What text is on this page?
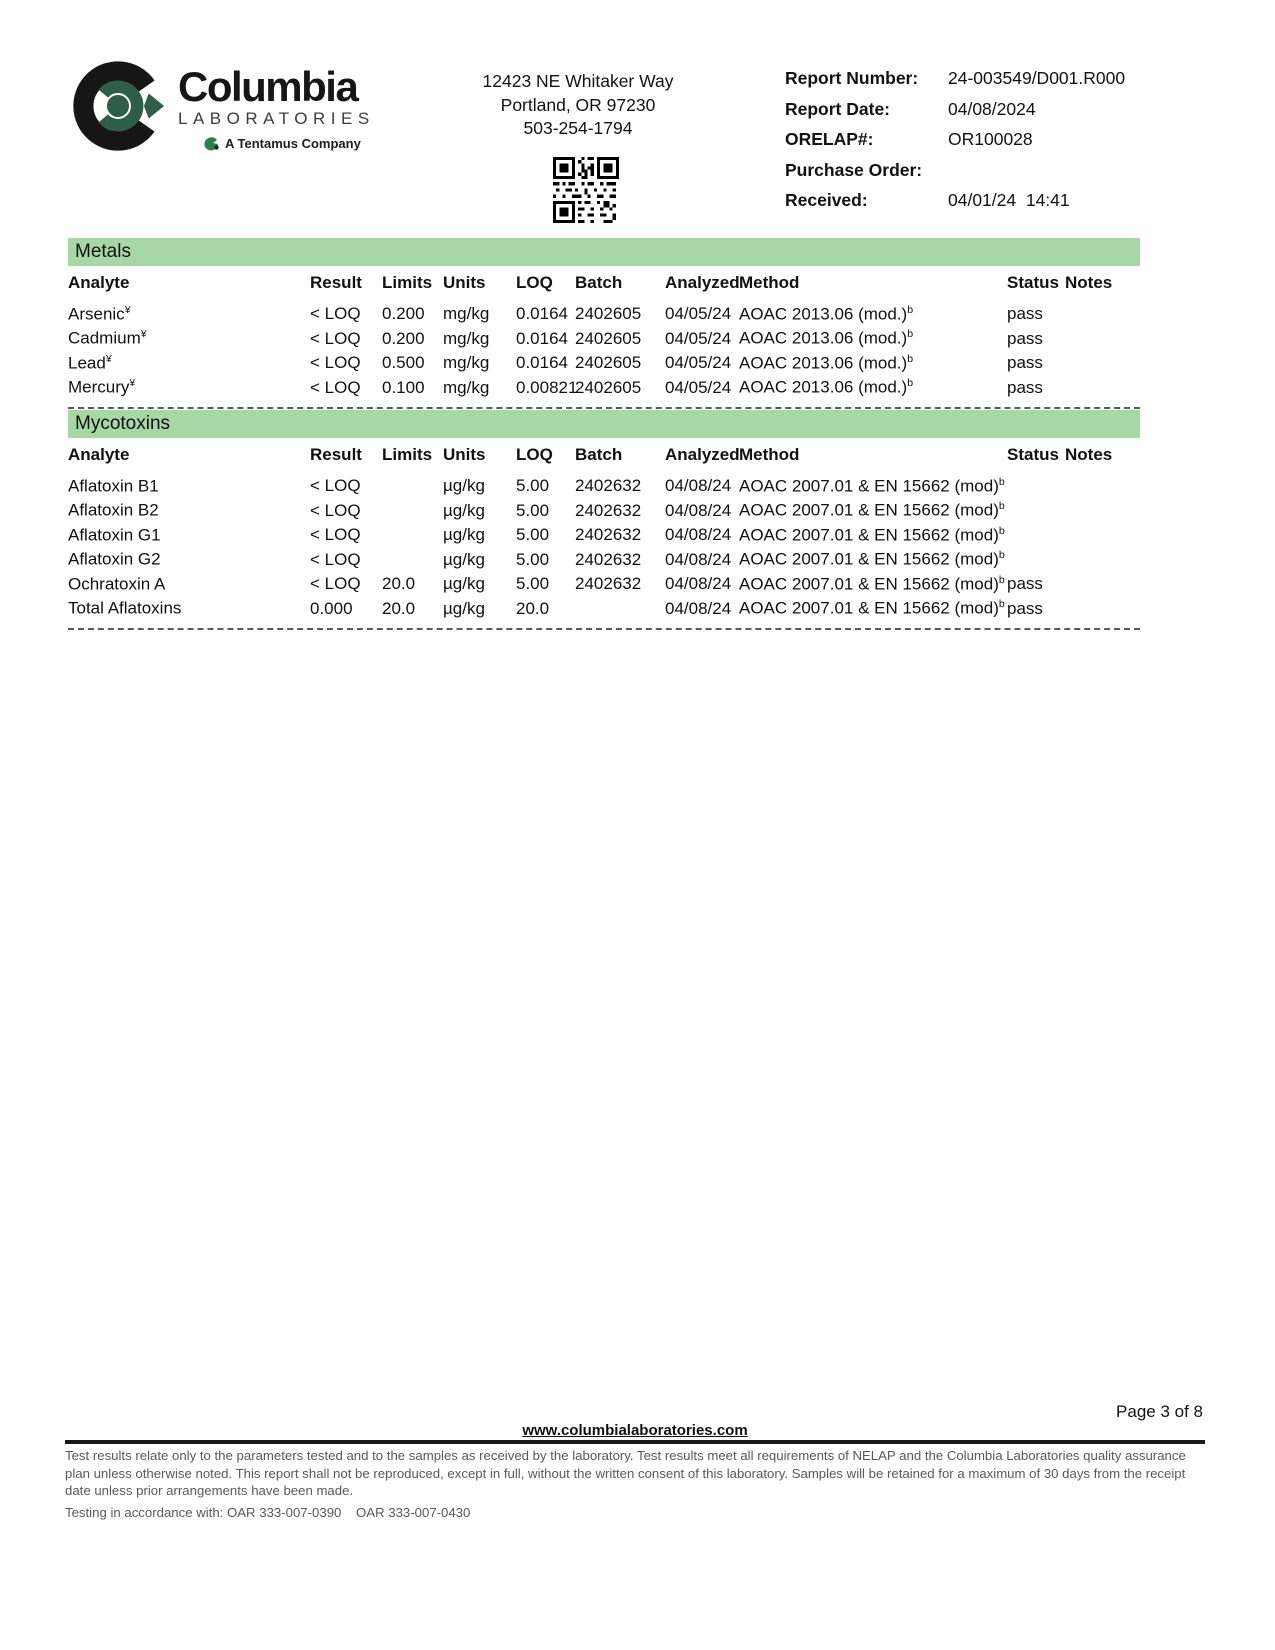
Columbia
LABORATORIES
A Tentamus Company
12423 NE Whitaker Way
Portland, OR 97230
503-254-1794
Report Number:	24-003549/D001.R000
Report Date:	04/08/2024
ORELAP#:	OR100028
Purchase Order:
Received:	04/01/24  14:41
Metals
Analyte	Result	Limits	Units	LOQ	Batch	Analyzed	Method	Status	Notes
Arsenic¥	< LOQ	0.200	mg/kg	0.0164	2402605	04/05/24	AOAC 2013.06 $(mod.)^b$	pass	
Cadmium¥	< LOQ	0.200	mg/kg	0.0164	2402605	04/05/24	AOAC 2013.06 $(mod.)^b$	pass	
Lead¥	< LOQ	0.500	mg/kg	0.0164	2402605	04/05/24	AOAC 2013.06 $(mod.)^b$	pass	
Mercury¥	< LOQ	0.100	mg/kg	0.00821	2402605	04/05/24	AOAC 2013.06 $(mod.)^b$	pass	
Mycotoxins
Analyte	Result	Limits	Units	LOQ	Batch	Analyzed	Method	Status	Notes
Aflatoxin B1	< LOQ		µg/kg	5.00	2402632	04/08/24	AOAC 2007.01 & EN 15662 (mod)$^b$		
Aflatoxin B2	< LOQ		µg/kg	5.00	2402632	04/08/24	AOAC 2007.01 & EN 15662 (mod)$^b$		
Aflatoxin G1	< LOQ		µg/kg	5.00	2402632	04/08/24	AOAC 2007.01 & EN 15662 (mod)$^b$		
Aflatoxin G2	< LOQ		µg/kg	5.00	2402632	04/08/24	AOAC 2007.01 & EN 15662 (mod)$^b$		
Ochratoxin A	< LOQ	20.0	µg/kg	5.00	2402632	04/08/24	AOAC 2007.01 & EN 15662 (mod)$^b$	pass	
Total Aflatoxins	0.000	20.0	µg/kg	20.0		04/08/24	AOAC 2007.01 & EN 15662 (mod)$^b$	pass	
Page 3 of 8
www.columbialaboratories.com
Test results relate only to the parameters tested and to the samples as received by the laboratory. Test results meet all requirements of NELAP and the Columbia Laboratories quality assurance plan unless otherwise noted. This report shall not be reproduced, except in full, without the written consent of this laboratory. Samples will be retained for a maximum of 30 days from the receipt date unless prior arrangements have been made.
Testing in accordance with: OAR 333-007-0390    OAR 333-007-0430
